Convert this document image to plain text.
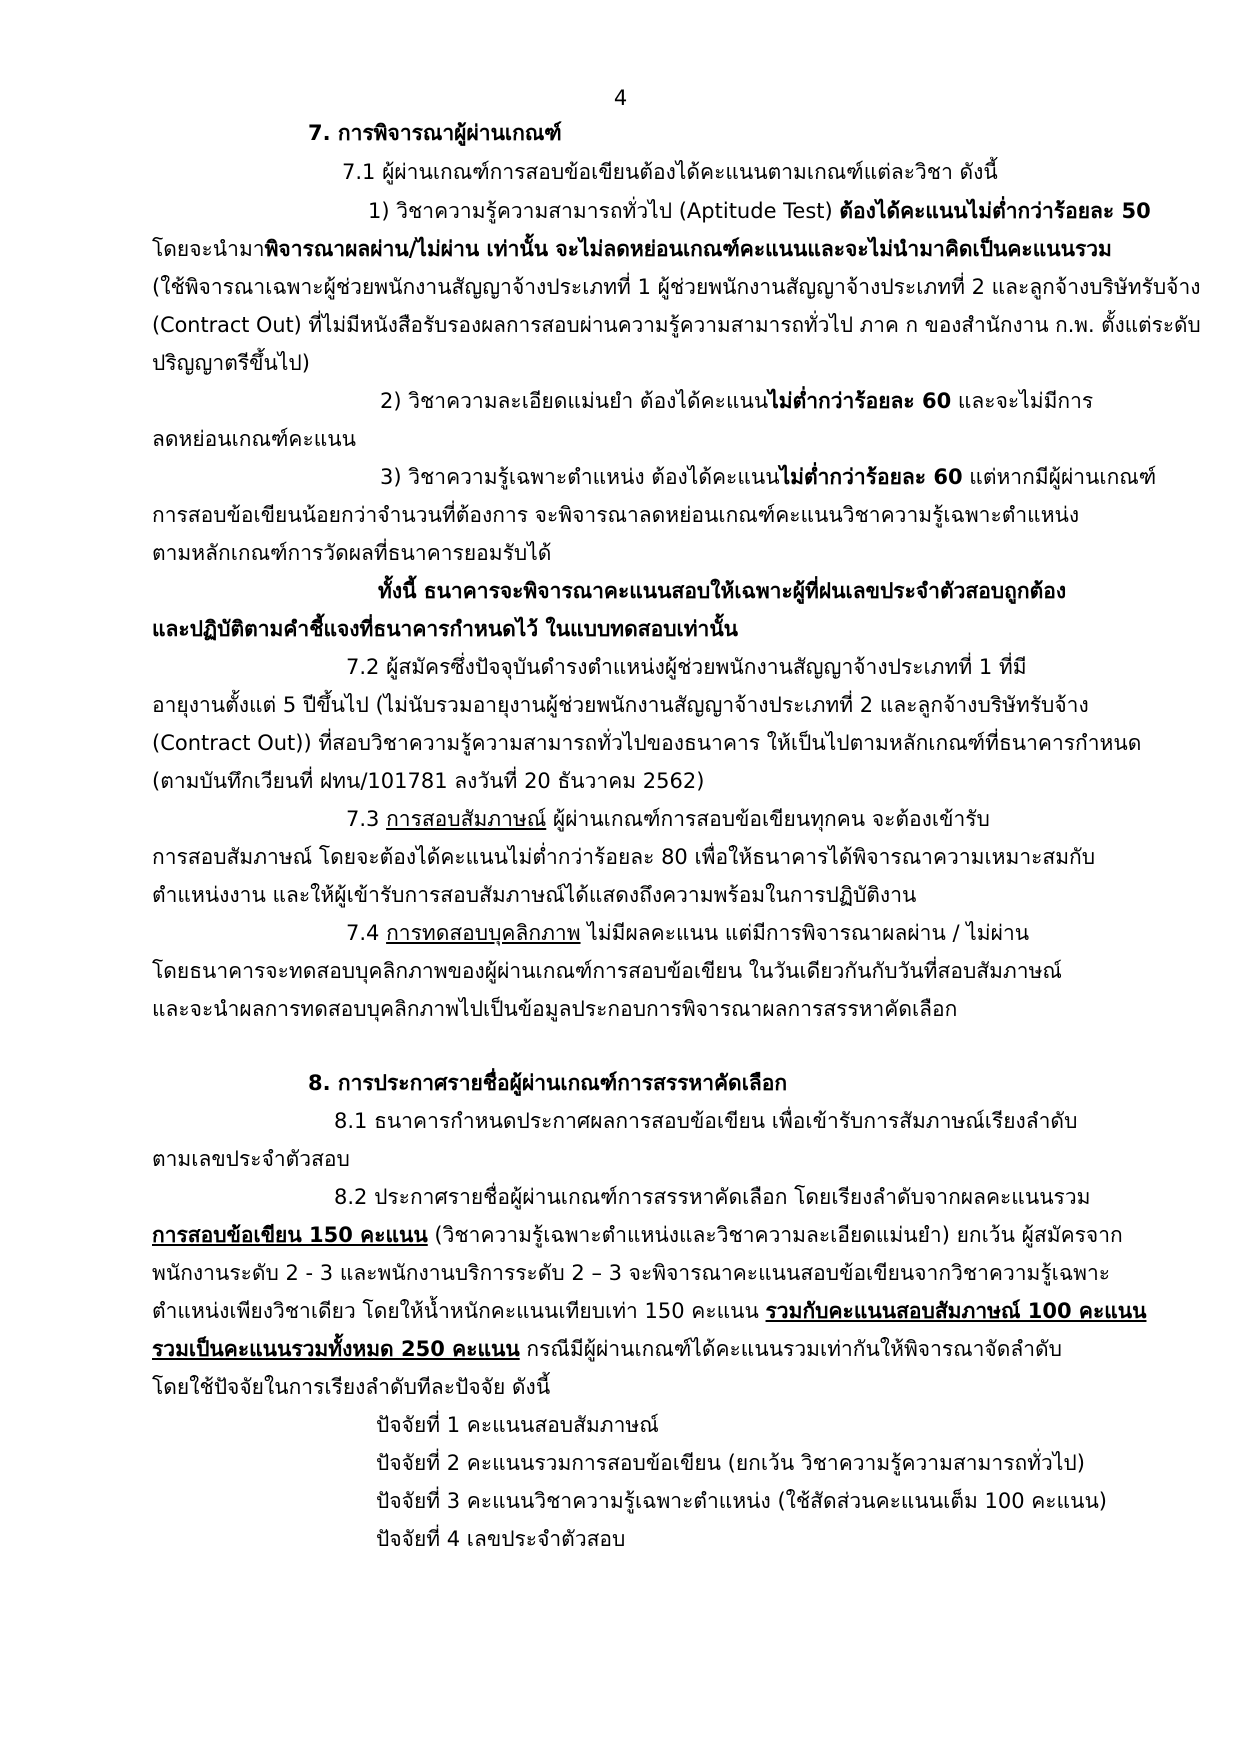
4
7. การพิจารณาผู้ผ่านเกณฑ์
7.1 ผู้ผ่านเกณฑ์การสอบข้อเขียนต้องได้คะแนนตามเกณฑ์แต่ละวิชา ดังนี้
1) วิชาความรู้ความสามารถทั่วไป (Aptitude Test) ต้องได้คะแนนไม่ต่ำกว่าร้อยละ 50
โดยจะนำมาพิจารณาผลผ่าน/ไม่ผ่าน เท่านั้น จะไม่ลดหย่อนเกณฑ์คะแนนและจะไม่นำมาคิดเป็นคะแนนรวม
(ใช้พิจารณาเฉพาะผู้ช่วยพนักงานสัญญาจ้างประเภทที่ 1 ผู้ช่วยพนักงานสัญญาจ้างประเภทที่ 2 และลูกจ้างบริษัทรับจ้าง
(Contract Out) ที่ไม่มีหนังสือรับรองผลการสอบผ่านความรู้ความสามารถทั่วไป ภาค ก ของสำนักงาน ก.พ. ตั้งแต่ระดับ
ปริญญาตรีขึ้นไป)
2) วิชาความละเอียดแม่นยำ ต้องได้คะแนนไม่ต่ำกว่าร้อยละ 60 และจะไม่มีการ
ลดหย่อนเกณฑ์คะแนน
3) วิชาความรู้เฉพาะตำแหน่ง ต้องได้คะแนนไม่ต่ำกว่าร้อยละ 60 แต่หากมีผู้ผ่านเกณฑ์
การสอบข้อเขียนน้อยกว่าจำนวนที่ต้องการ จะพิจารณาลดหย่อนเกณฑ์คะแนนวิชาความรู้เฉพาะตำแหน่ง
ตามหลักเกณฑ์การวัดผลที่ธนาคารยอมรับได้
ทั้งนี้ ธนาคารจะพิจารณาคะแนนสอบให้เฉพาะผู้ที่ฝนเลขประจำตัวสอบถูกต้อง
และปฏิบัติตามคำชี้แจงที่ธนาคารกำหนดไว้ ในแบบทดสอบเท่านั้น
7.2 ผู้สมัครซึ่งปัจจุบันดำรงตำแหน่งผู้ช่วยพนักงานสัญญาจ้างประเภทที่ 1 ที่มี
อายุงานตั้งแต่ 5 ปีขึ้นไป (ไม่นับรวมอายุงานผู้ช่วยพนักงานสัญญาจ้างประเภทที่ 2 และลูกจ้างบริษัทรับจ้าง
(Contract Out)) ที่สอบวิชาความรู้ความสามารถทั่วไปของธนาคาร ให้เป็นไปตามหลักเกณฑ์ที่ธนาคารกำหนด
(ตามบันทึกเวียนที่ ฝทน/101781 ลงวันที่ 20 ธันวาคม 2562)
7.3 การสอบสัมภาษณ์ ผู้ผ่านเกณฑ์การสอบข้อเขียนทุกคน จะต้องเข้ารับ
การสอบสัมภาษณ์ โดยจะต้องได้คะแนนไม่ต่ำกว่าร้อยละ 80 เพื่อให้ธนาคารได้พิจารณาความเหมาะสมกับ
ตำแหน่งงาน และให้ผู้เข้ารับการสอบสัมภาษณ์ได้แสดงถึงความพร้อมในการปฏิบัติงาน
7.4 การทดสอบบุคลิกภาพ ไม่มีผลคะแนน แต่มีการพิจารณาผลผ่าน / ไม่ผ่าน
โดยธนาคารจะทดสอบบุคลิกภาพของผู้ผ่านเกณฑ์การสอบข้อเขียน ในวันเดียวกันกับวันที่สอบสัมภาษณ์
และจะนำผลการทดสอบบุคลิกภาพไปเป็นข้อมูลประกอบการพิจารณาผลการสรรหาคัดเลือก
8. การประกาศรายชื่อผู้ผ่านเกณฑ์การสรรหาคัดเลือก
8.1 ธนาคารกำหนดประกาศผลการสอบข้อเขียน เพื่อเข้ารับการสัมภาษณ์เรียงลำดับ
ตามเลขประจำตัวสอบ
8.2 ประกาศรายชื่อผู้ผ่านเกณฑ์การสรรหาคัดเลือก โดยเรียงลำดับจากผลคะแนนรวม
การสอบข้อเขียน 150 คะแนน (วิชาความรู้เฉพาะตำแหน่งและวิชาความละเอียดแม่นยำ) ยกเว้น ผู้สมัครจาก
พนักงานระดับ 2 - 3 และพนักงานบริการระดับ 2 – 3 จะพิจารณาคะแนนสอบข้อเขียนจากวิชาความรู้เฉพาะ
ตำแหน่งเพียงวิชาเดียว โดยให้น้ำหนักคะแนนเทียบเท่า 150 คะแนน รวมกับคะแนนสอบสัมภาษณ์ 100 คะแนน
รวมเป็นคะแนนรวมทั้งหมด 250 คะแนน กรณีมีผู้ผ่านเกณฑ์ได้คะแนนรวมเท่ากันให้พิจารณาจัดลำดับ
โดยใช้ปัจจัยในการเรียงลำดับทีละปัจจัย ดังนี้
ปัจจัยที่ 1 คะแนนสอบสัมภาษณ์
ปัจจัยที่ 2 คะแนนรวมการสอบข้อเขียน (ยกเว้น วิชาความรู้ความสามารถทั่วไป)
ปัจจัยที่ 3 คะแนนวิชาความรู้เฉพาะตำแหน่ง (ใช้สัดส่วนคะแนนเต็ม 100 คะแนน)
ปัจจัยที่ 4 เลขประจำตัวสอบ
